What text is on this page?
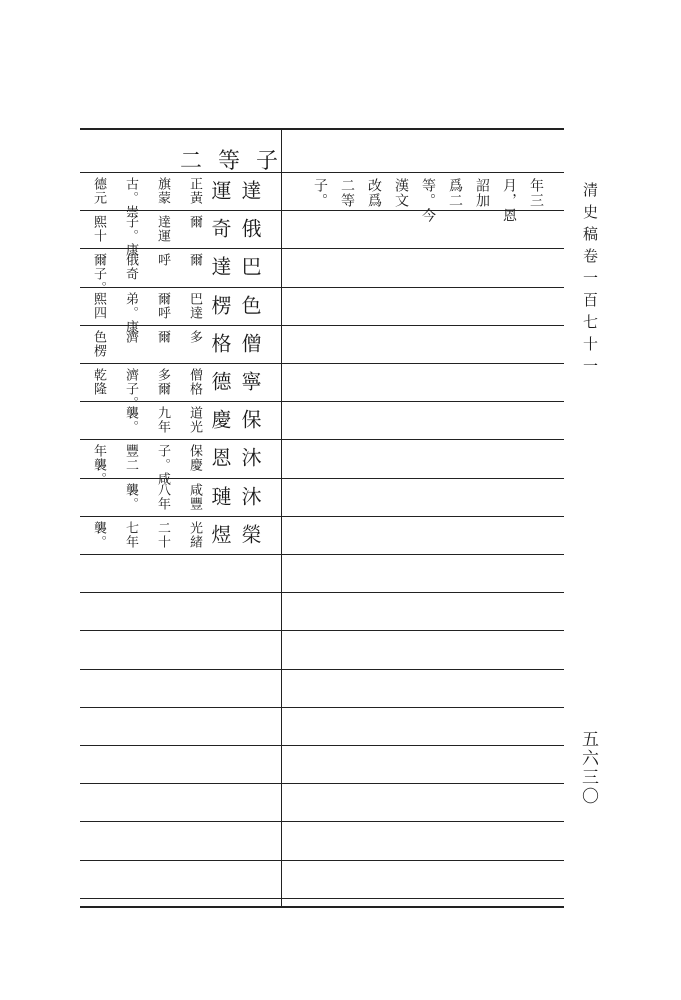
二等子
年三
月，恩
詔加
爲二
等。今
漢文
改爲
二等
子。
達
運
正黃
旗蒙
古。崇
德元
俄
奇
爾
達運
子。康
熙十
巴
達
爾
呼
俄奇
爾子。
色
楞
巴達
爾呼
弟。康
熙四
僧
格
多
爾
濟
色楞
寧
德
僧格
多爾
濟子。
乾隆
保
慶
道光
九年
襲。
沐
恩
保慶
子。咸
豐二
年襲。
沐
璉
咸豐
八年
襲。
榮
煜
光緒
二十
七年
襲。
清史稿卷一百七十一
五六三〇
